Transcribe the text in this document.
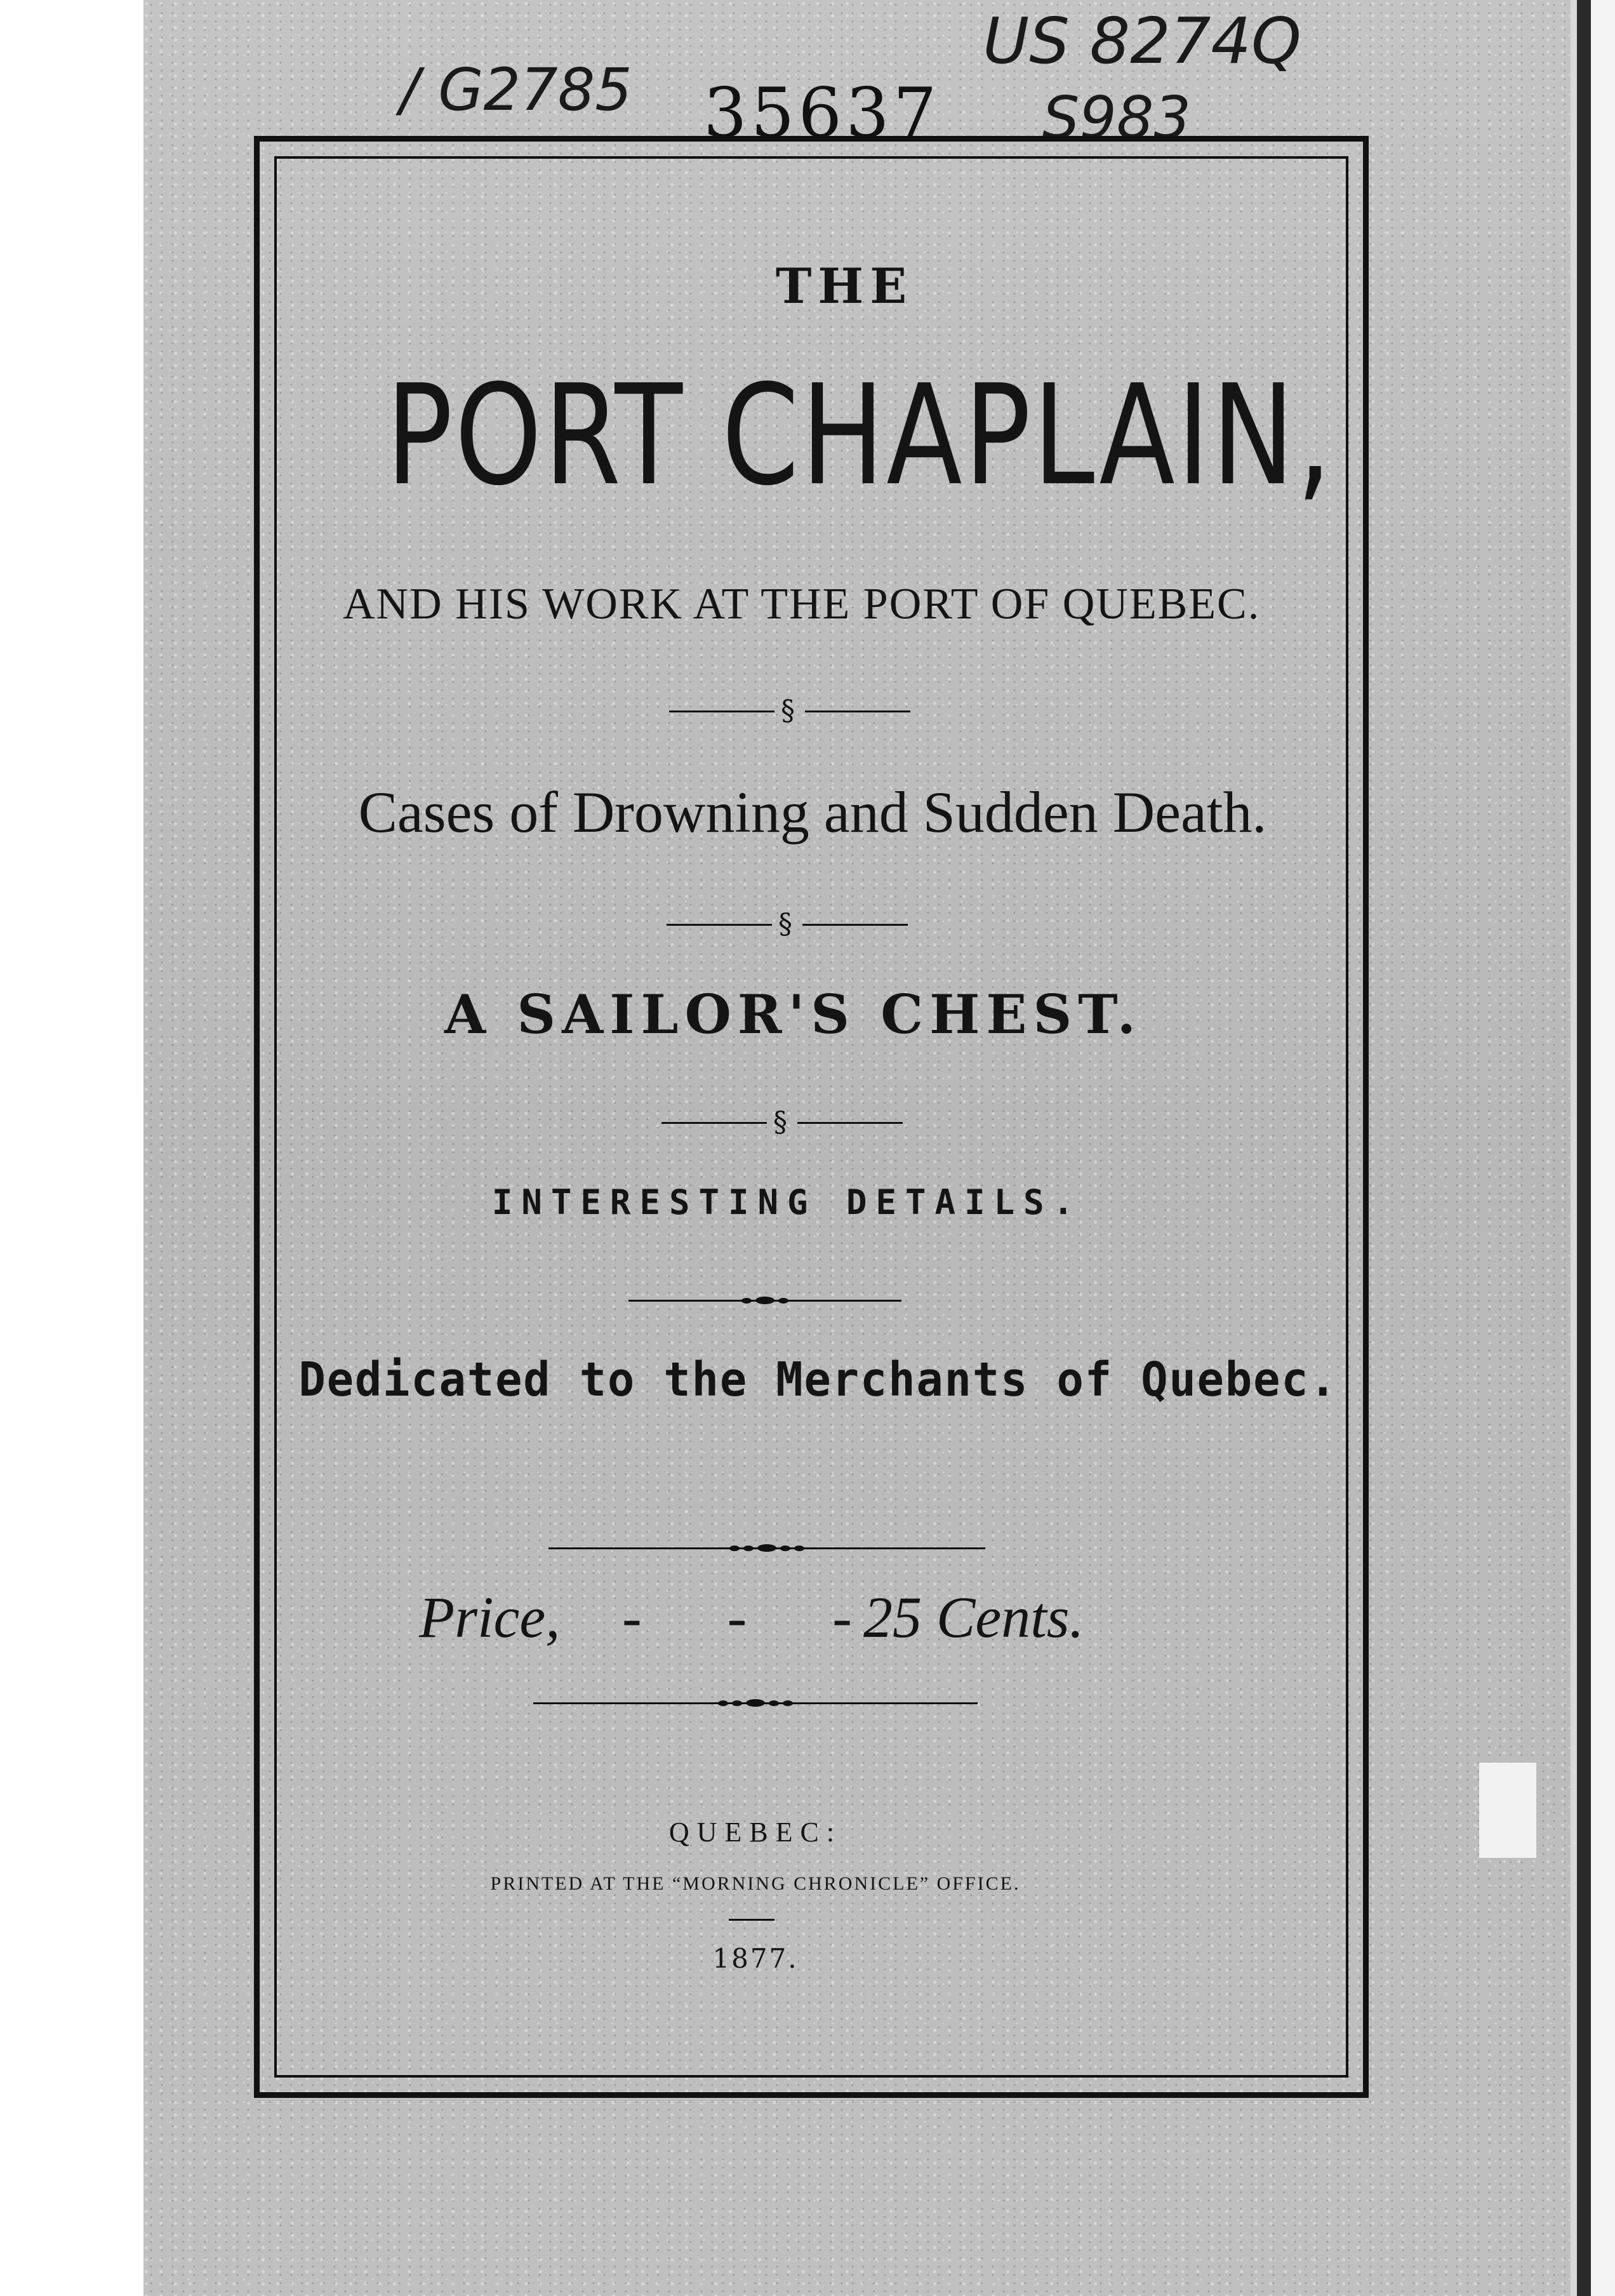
/ G2785 35637
US 8274Q
S983
THE
PORT CHAPLAIN,
AND HIS WORK AT THE PORT OF QUEBEC.
§
Cases of Drowning and Sudden Death.
§
A SAILOR'S CHEST.
§
INTERESTING DETAILS.
Dedicated to the Merchants of Quebec.
Price, - - -
25 Cents.
QUEBEC:
PRINTED AT THE “MORNING CHRONICLE” OFFICE.
1877.
